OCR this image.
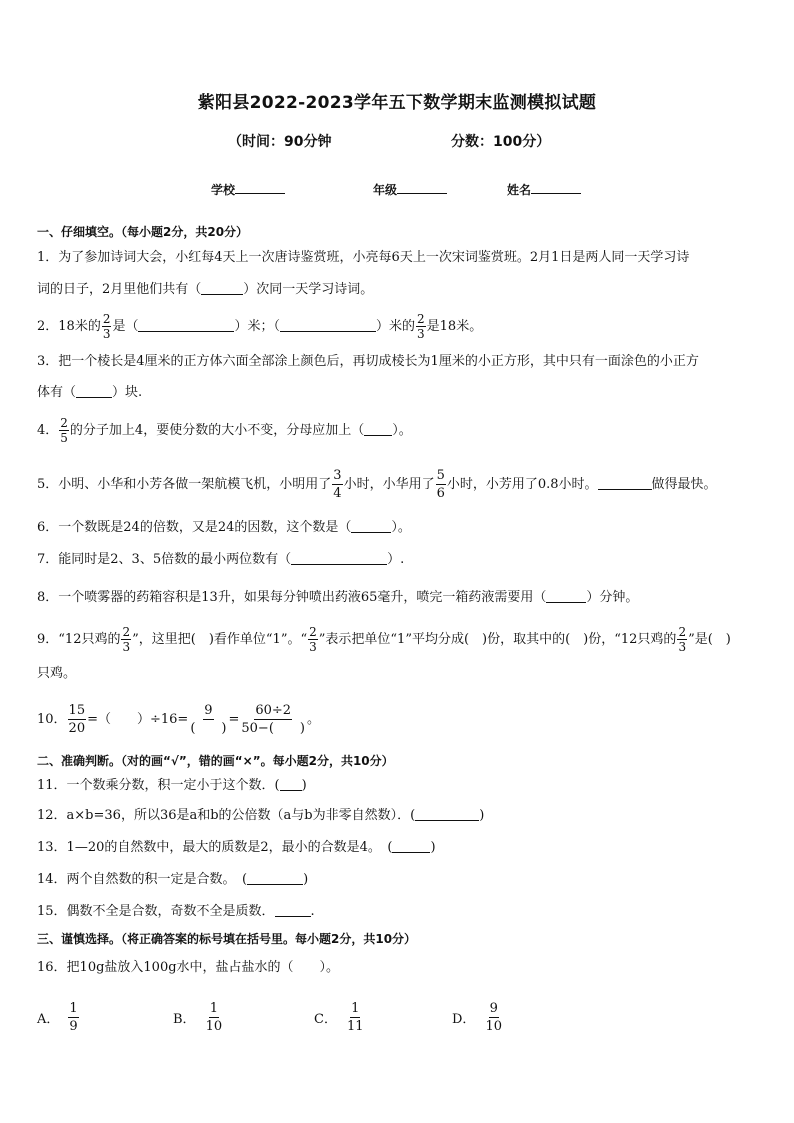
紫阳县2022-2023学年五下数学期末监测模拟试题
（时间：90分钟	分数：100分）
学校	年级	姓名
一、仔细填空。（每小题2分，共20分）
1．为了参加诗词大会，小红每4天上一次唐诗鉴赏班，小亮每6天上一次宋词鉴赏班。2月1日是两人同一天学习诗
词的日子，2月里他们共有（	）次同一天学习诗词。
2．18米的 $\frac{2}{3}$ 是（	）米；（	）米的 $\frac{2}{3}$ 是18米。
3．把一个棱长是4厘米的正方体六面全部涂上颜色后，再切成棱长为1厘米的小正方形，其中只有一面涂色的小正方
体有（	）块.
4． $\frac{2}{5}$ 的分子加上4，要使分数的大小不变，分母应加上（ ）。
5．小明、小华和小芳各做一架航模飞机，小明用了 $\frac{3}{4}$ 小时，小华用了 $\frac{5}{6}$ 小时，小芳用了0.8小时。	做得最快。
6．一个数既是24的倍数，又是24的因数，这个数是（	）。
7．能同时是2、3、5倍数的最小两位数有（	）.
8．一个喷雾器的药箱容积是13升，如果每分钟喷出药液65毫升，喷完一箱药液需要用（	）分钟。
9．“12只鸡的 $\frac{2}{3}$ ”，这里把(　)看作单位“1”。“ $\frac{2}{3}$ ”表示把单位“1”平均分成(　)份，取其中的(　)份，“12只鸡的 $\frac{2}{3}$ ”是(　)
只鸡。
10． $\frac{15}{20}$ =（　　）$\div 16= \frac{9}{( )} = \frac{60\div 2}{50-( )}$ 。
二、准确判断。（对的画“√”，错的画“×”。每小题2分，共10分）
11．一个数乘分数，积一定小于这个数．( )
12．a×b=36，所以36是a和b的公倍数（a与b为非零自然数）．(	)
13．1—20的自然数中，最大的质数是2，最小的合数是4。　(	)
14．两个自然数的积一定是合数。　(	)
15．偶数不全是合数，奇数不全是质数．	.
三、谨慎选择。（将正确答案的标号填在括号里。每小题2分，共10分）
16．把10g盐放入100g水中，盐占盐水的（　　）。
A． $\frac{1}{9}$	B． $\frac{1}{10}$	C． $\frac{1}{11}$	D． $\frac{9}{10}$
